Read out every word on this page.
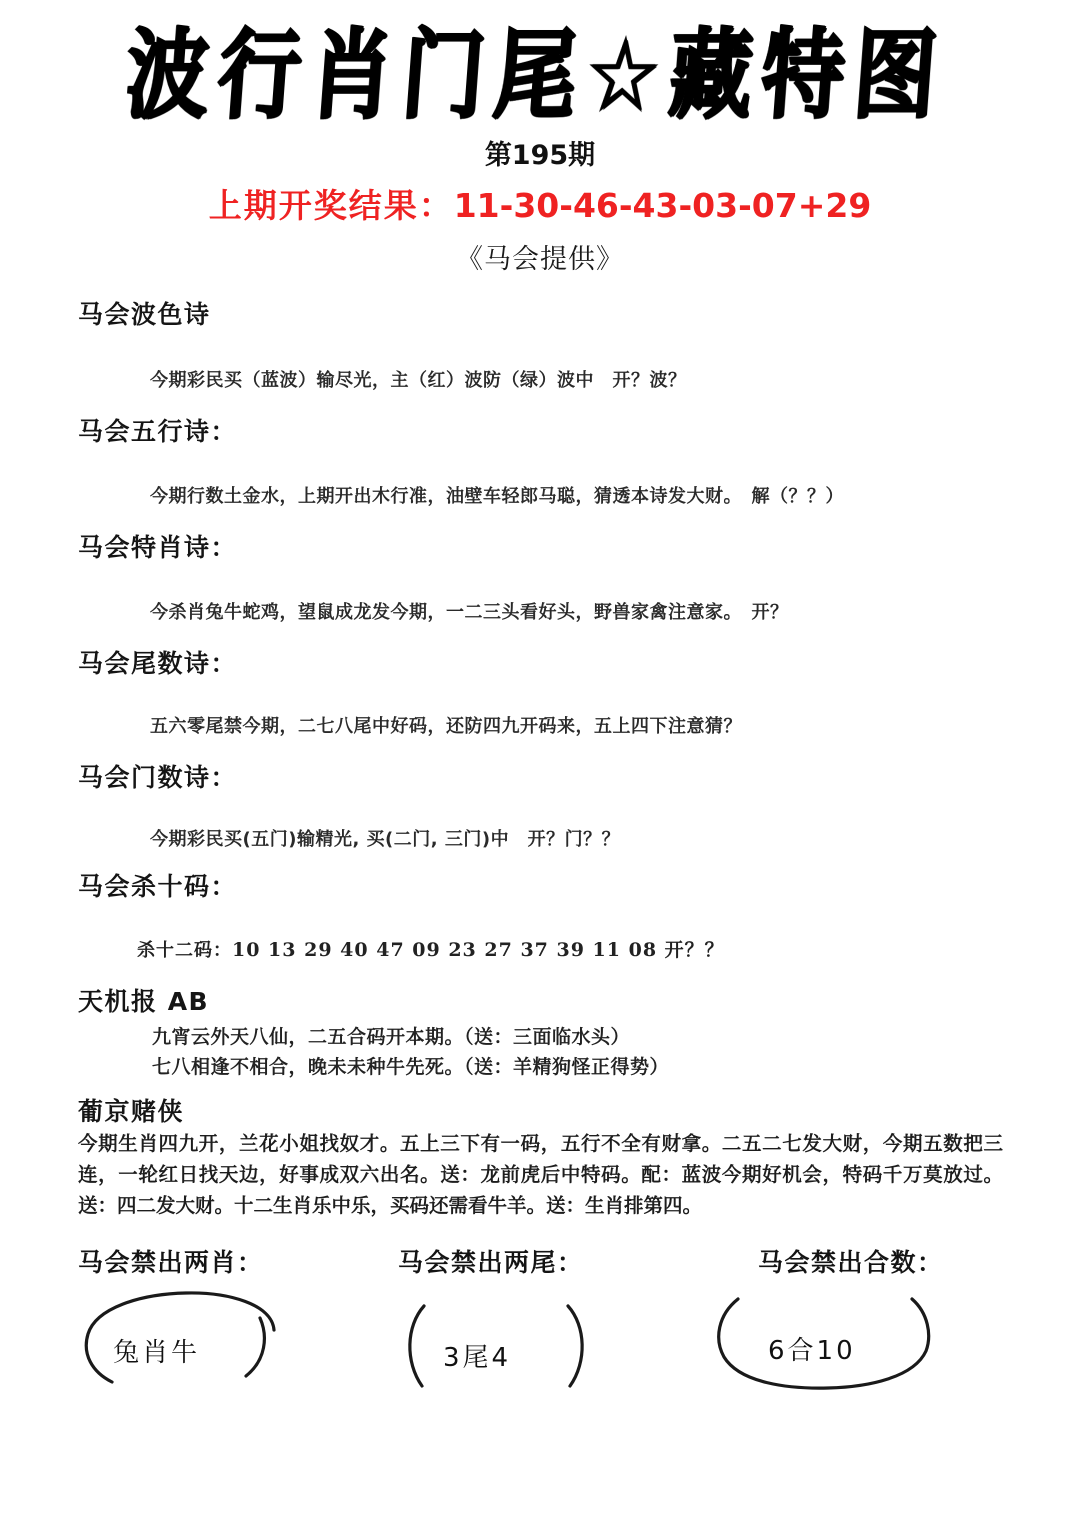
波行肖门尾☆藏特图
第195期
上期开奖结果：11-30-46-43-03-07+29
《马会提供》
马会波色诗
今期彩民买（蓝波）输尽光，主（红）波防（绿）波中　开？波？
马会五行诗：
今期行数土金水，上期开出木行准，油壁车轻郎马聪，猜透本诗发大财。　解（？？）
马会特肖诗：
今杀肖兔牛蛇鸡，望鼠成龙发今期，一二三头看好头，野兽家禽注意家。　开？
马会尾数诗：
五六零尾禁今期，二七八尾中好码，还防四九开码来，五上四下注意猜？
马会门数诗：
今期彩民买(五门)输精光, 买(二门, 三门)中　开？门？？
马会杀十码：
杀十二码：10 13 29 40 47 09 23 27 37 39 11 08 开？？
天机报 AB
九宵云外天八仙，二五合码开本期。（送：三面临水头）
七八相逢不相合，晚未未种牛先死。（送：羊精狗怪正得势）
葡京赌侠
今期生肖四九开，兰花小姐找奴才。五上三下有一码，五行不全有财拿。二五二七发大财，今期五数把三连，一轮红日找天边，好事成双六出名。送：龙前虎后中特码。配：蓝波今期好机会，特码千万莫放过。送：四二发大财。十二生肖乐中乐，买码还需看牛羊。送：生肖排第四。
马会禁出两肖：	马会禁出两尾：	马会禁出合数：
兔肖牛	3尾4	6合10
